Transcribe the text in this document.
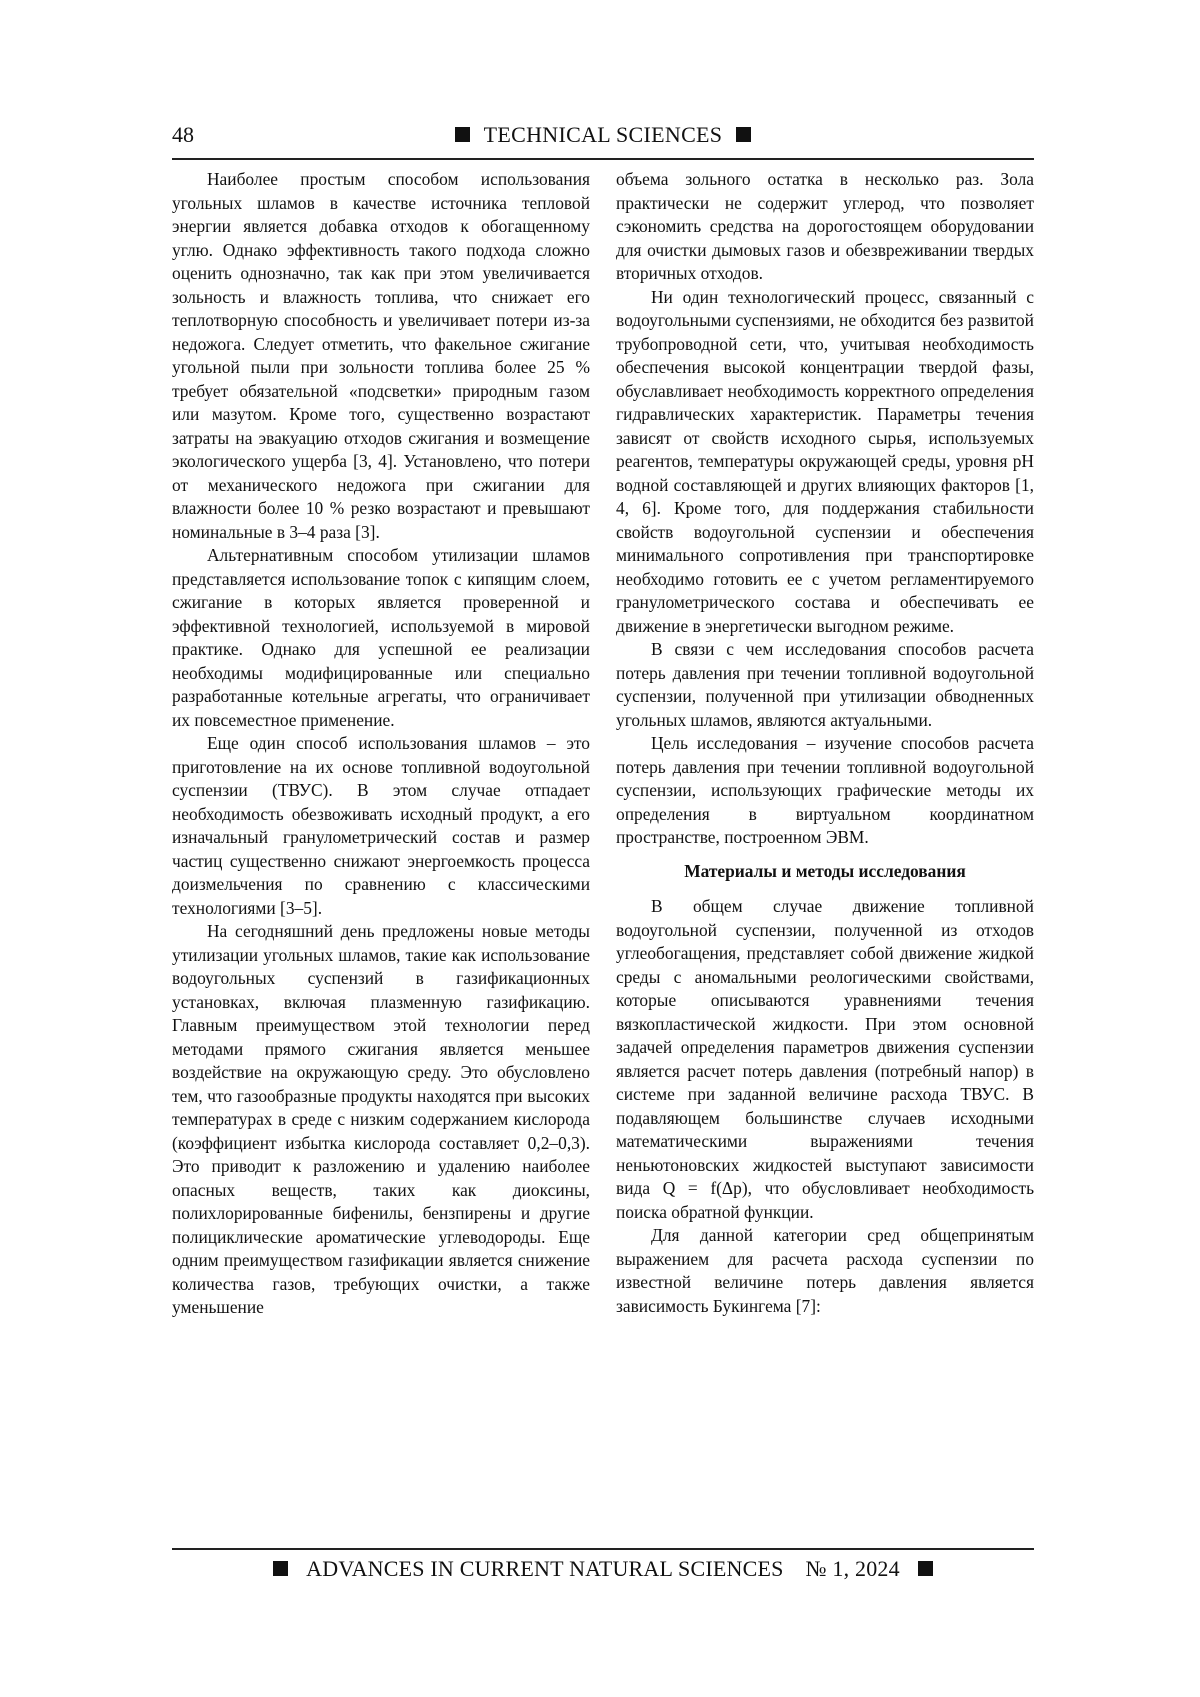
48	TECHNICAL SCIENCES

Наиболее простым способом использования угольных шламов в качестве источника тепловой энергии является добавка отходов к обогащенному углю. Однако эффективность такого подхода сложно оценить однозначно, так как при этом увеличивается зольность и влажность топлива, что снижает его теплотворную способность и увеличивает потери из-за недожога. Следует отметить, что факельное сжигание угольной пыли при зольности топлива более 25 % требует обязательной «подсветки» природным газом или мазутом. Кроме того, существенно возрастают затраты на эвакуацию отходов сжигания и возмещение экологического ущерба [3, 4]. Установлено, что потери от механического недожога при сжигании для влажности более 10 % резко возрастают и превышают номинальные в 3–4 раза [3].

Альтернативным способом утилизации шламов представляется использование топок с кипящим слоем, сжигание в которых является проверенной и эффективной технологией, используемой в мировой практике. Однако для успешной ее реализации необходимы модифицированные или специально разработанные котельные агрегаты, что ограничивает их повсеместное применение.

Еще один способ использования шламов – это приготовление на их основе топливной водоугольной суспензии (ТВУС). В этом случае отпадает необходимость обезвоживать исходный продукт, а его изначальный гранулометрический состав и размер частиц существенно снижают энергоемкость процесса доизмельчения по сравнению с классическими технологиями [3–5].

На сегодняшний день предложены новые методы утилизации угольных шламов, такие как использование водоугольных суспензий в газификационных установках, включая плазменную газификацию. Главным преимуществом этой технологии перед методами прямого сжигания является меньшее воздействие на окружающую среду. Это обусловлено тем, что газообразные продукты находятся при высоких температурах в среде с низким содержанием кислорода (коэффициент избытка кислорода составляет 0,2–0,3). Это приводит к разложению и удалению наиболее опасных веществ, таких как диоксины, полихлорированные бифенилы, бензпирены и другие полициклические ароматические углеводороды. Еще одним преимуществом газификации является снижение количества газов, требующих очистки, а также уменьшение

объема зольного остатка в несколько раз. Зола практически не содержит углерод, что позволяет сэкономить средства на дорогостоящем оборудовании для очистки дымовых газов и обезвреживании твердых вторичных отходов.

Ни один технологический процесс, связанный с водоугольными суспензиями, не обходится без развитой трубопроводной сети, что, учитывая необходимость обеспечения высокой концентрации твердой фазы, обуславливает необходимость корректного определения гидравлических характеристик. Параметры течения зависят от свойств исходного сырья, используемых реагентов, температуры окружающей среды, уровня рН водной составляющей и других влияющих факторов [1, 4, 6]. Кроме того, для поддержания стабильности свойств водоугольной суспензии и обеспечения минимального сопротивления при транспортировке необходимо готовить ее с учетом регламентируемого гранулометрического состава и обеспечивать ее движение в энергетически выгодном режиме.

В связи с чем исследования способов расчета потерь давления при течении топливной водоугольной суспензии, полученной при утилизации обводненных угольных шламов, являются актуальными.

Цель исследования – изучение способов расчета потерь давления при течении топливной водоугольной суспензии, использующих графические методы их определения в виртуальном координатном пространстве, построенном ЭВМ.

Материалы и методы исследования

В общем случае движение топливной водоугольной суспензии, полученной из отходов углеобогащения, представляет собой движение жидкой среды с аномальными реологическими свойствами, которые описываются уравнениями течения вязкопластической жидкости. При этом основной задачей определения параметров движения суспензии является расчет потерь давления (потребный напор) в системе при заданной величине расхода ТВУС. В подавляющем большинстве случаев исходными математическими выражениями течения неньютоновских жидкостей выступают зависимости вида Q = f(Δp), что обусловливает необходимость поиска обратной функции.

Для данной категории сред общепринятым выражением для расчета расхода суспензии по известной величине потерь давления является зависимость Букингема [7]:

ADVANCES IN CURRENT NATURAL SCIENCES № 1, 2024
